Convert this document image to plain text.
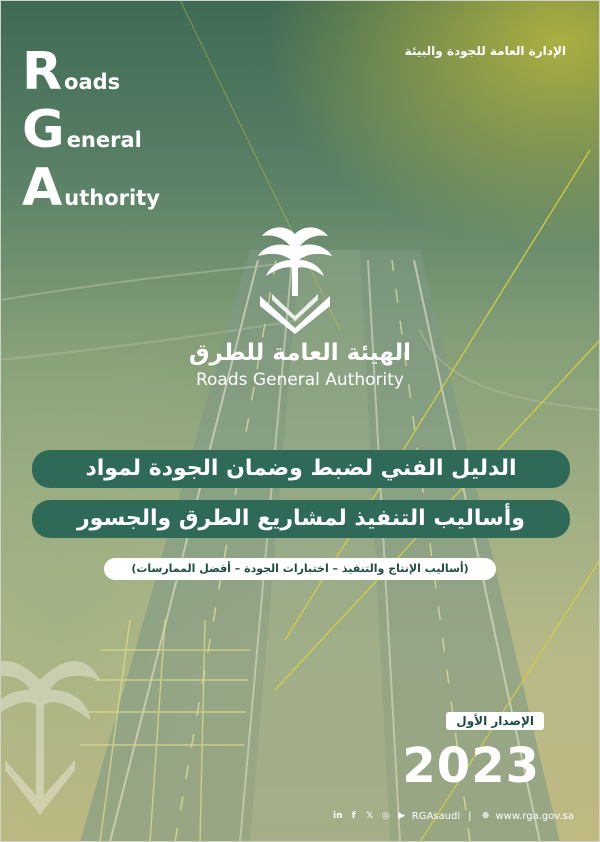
R oads
G eneral
A uthority
الإدارة العامة للجودة والبيئة
الهيئة العامة للطرق
Roads General Authority
الدليل الفني لضبط وضمان الجودة لمواد
وأساليب التنفيذ لمشاريع الطرق والجسور
(أساليب الإنتاج والتنفيذ – اختبارات الجودة – أفضل الممارسات)
الإصدار الأول
2023
in	f	𝕏 ◎ ▶ RGAsaudi | ⊕ www.rga.gov.sa
